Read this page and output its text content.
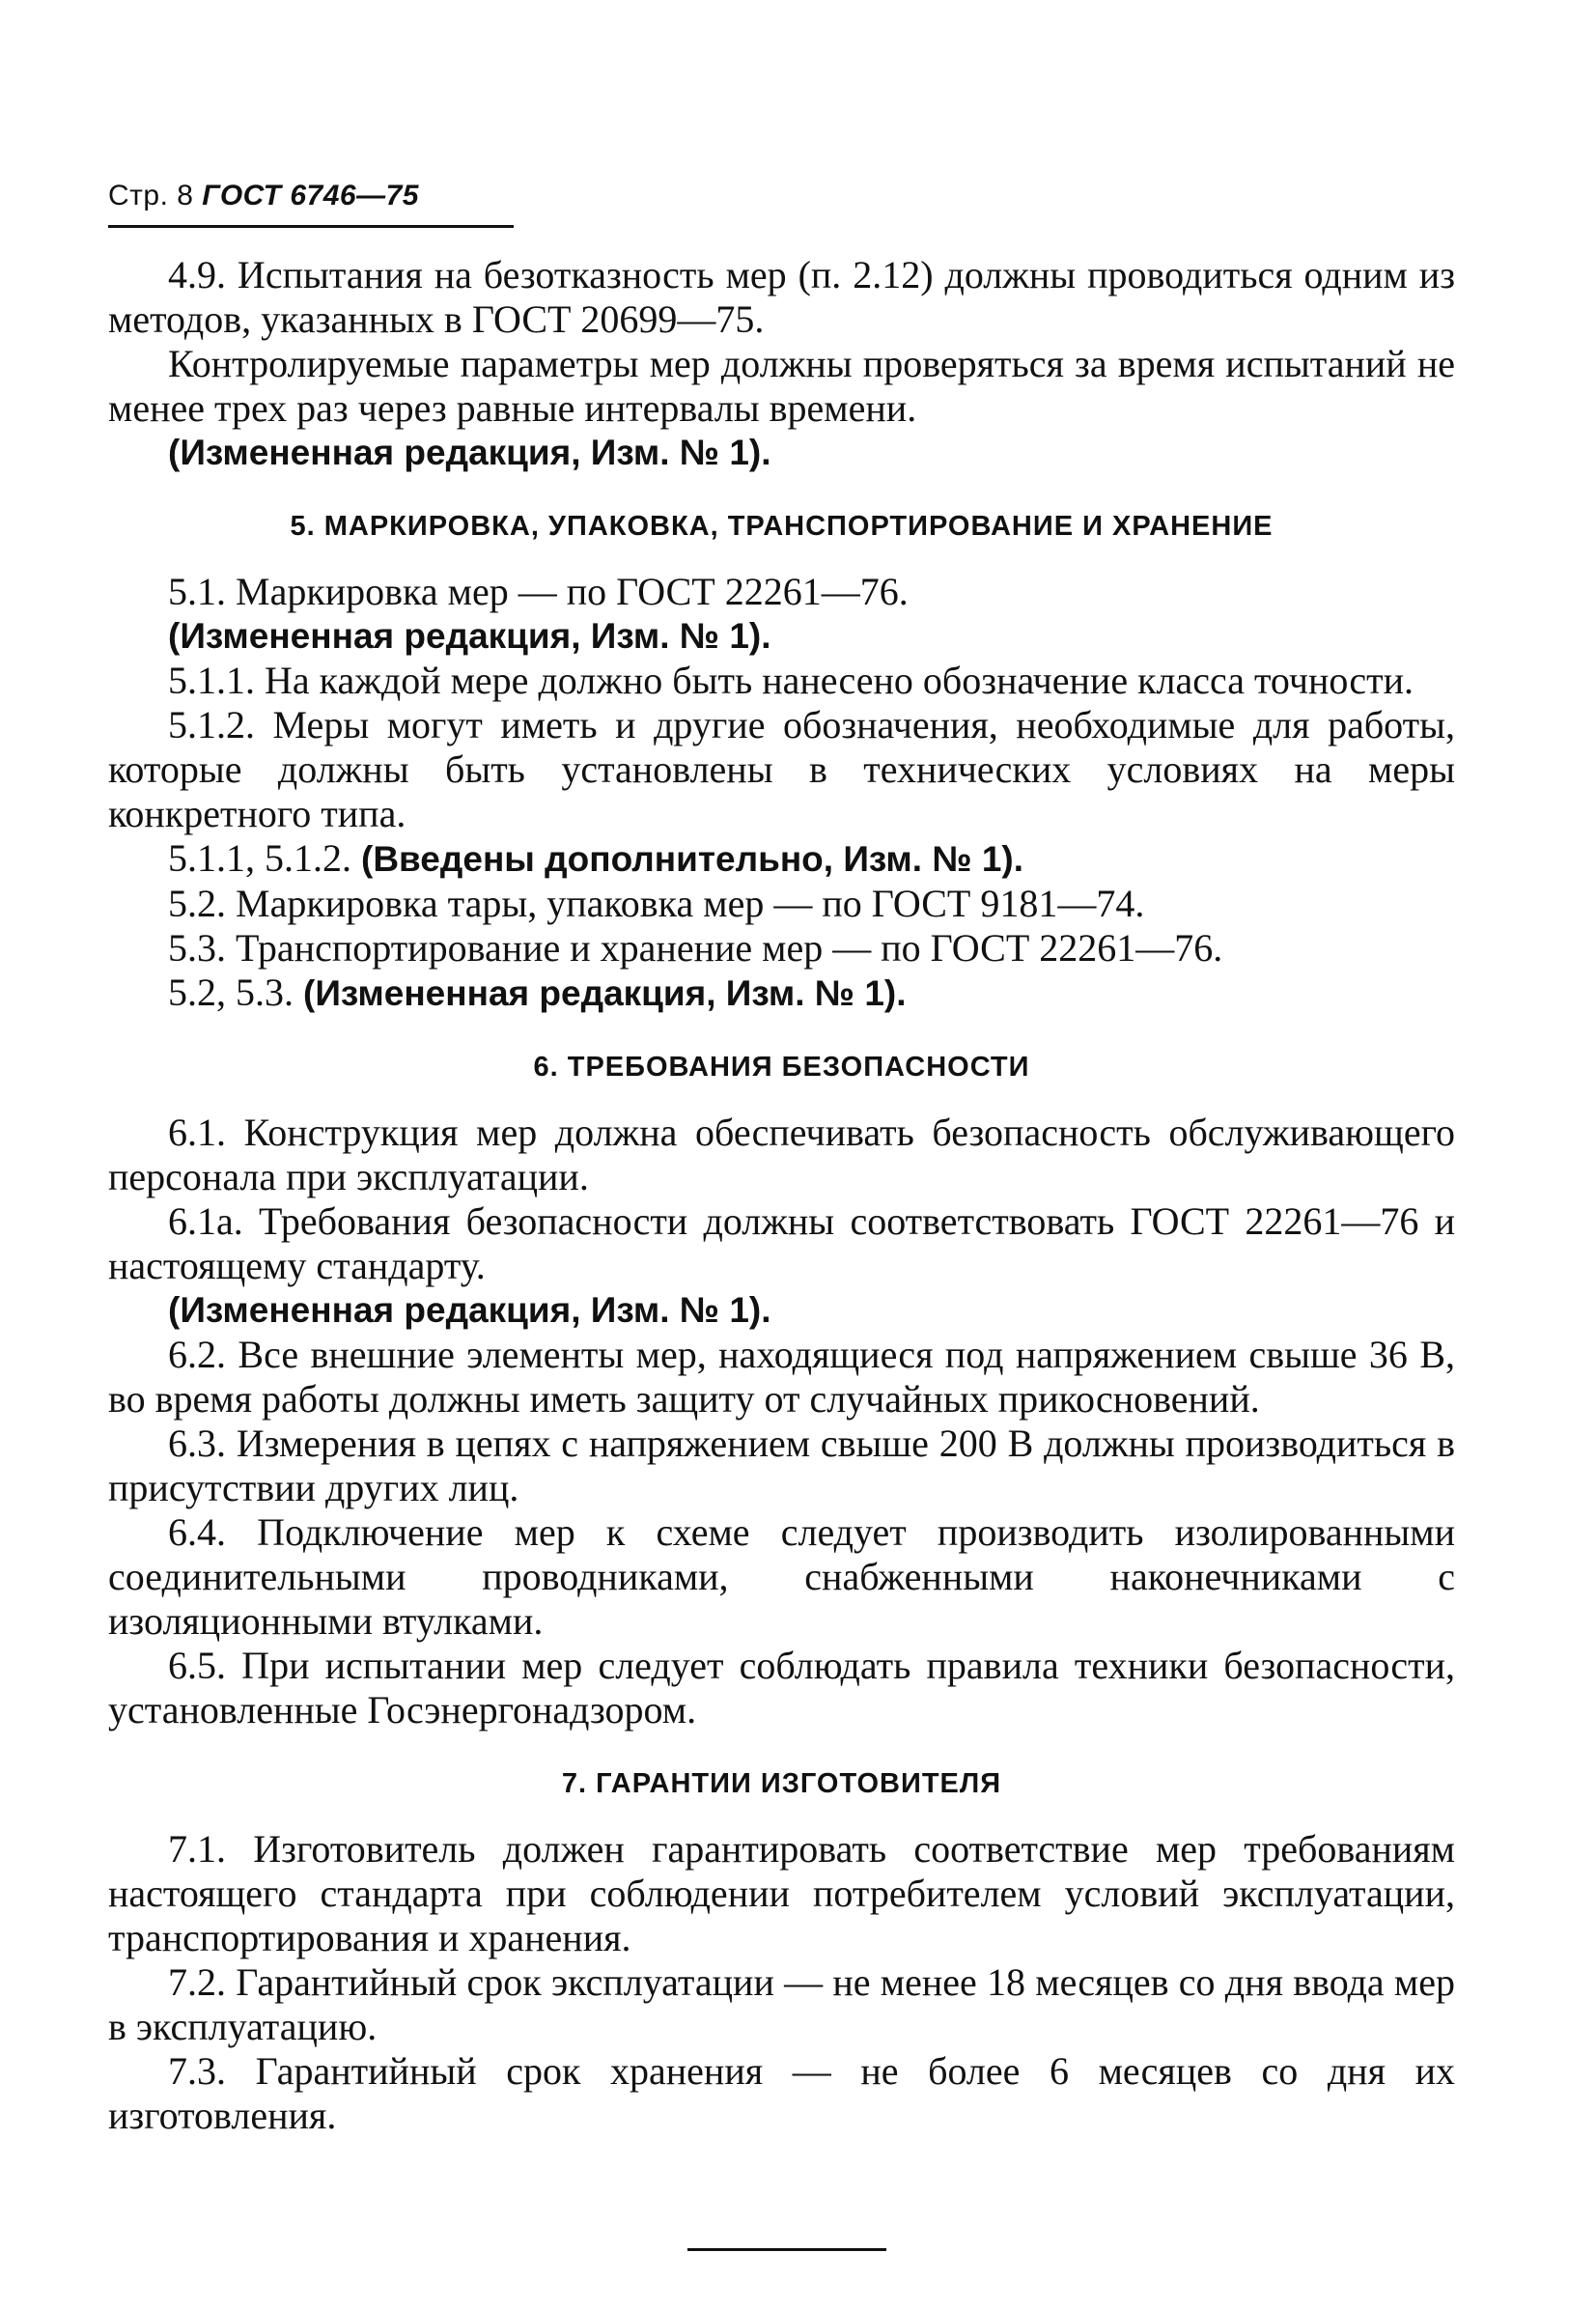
Стр. 8 ГОСТ 6746—75

4.9. Испытания на безотказность мер (п. 2.12) должны проводиться одним из методов, указанных в ГОСТ 20699—75.

Контролируемые параметры мер должны проверяться за время испытаний не менее трех раз через равные интервалы времени.

(Измененная редакция, Изм. № 1).

5. МАРКИРОВКА, УПАКОВКА, ТРАНСПОРТИРОВАНИЕ И ХРАНЕНИЕ

5.1. Маркировка мер — по ГОСТ 22261—76.

(Измененная редакция, Изм. № 1).

5.1.1. На каждой мере должно быть нанесено обозначение класса точности.

5.1.2. Меры могут иметь и другие обозначения, необходимые для работы, которые должны быть установлены в технических условиях на меры конкретного типа.

5.1.1, 5.1.2. (Введены дополнительно, Изм. № 1).

5.2. Маркировка тары, упаковка мер — по ГОСТ 9181—74.

5.3. Транспортирование и хранение мер — по ГОСТ 22261—76.

5.2, 5.3. (Измененная редакция, Изм. № 1).

6. ТРЕБОВАНИЯ БЕЗОПАСНОСТИ

6.1. Конструкция мер должна обеспечивать безопасность обслуживающего персонала при эксплуатации.

6.1а. Требования безопасности должны соответствовать ГОСТ 22261—76 и настоящему стандарту.

(Измененная редакция, Изм. № 1).

6.2. Все внешние элементы мер, находящиеся под напряжением свыше 36 В, во время работы должны иметь защиту от случайных прикосновений.

6.3. Измерения в цепях с напряжением свыше 200 В должны производиться в присутствии других лиц.

6.4. Подключение мер к схеме следует производить изолированными соединительными проводниками, снабженными наконечниками с изоляционными втулками.

6.5. При испытании мер следует соблюдать правила техники безопасности, установленные Госэнергонадзором.

7. ГАРАНТИИ ИЗГОТОВИТЕЛЯ

7.1. Изготовитель должен гарантировать соответствие мер требованиям настоящего стандарта при соблюдении потребителем условий эксплуатации, транспортирования и хранения.

7.2. Гарантийный срок эксплуатации — не менее 18 месяцев со дня ввода мер в эксплуатацию.

7.3. Гарантийный срок хранения — не более 6 месяцев со дня их изготовления.
